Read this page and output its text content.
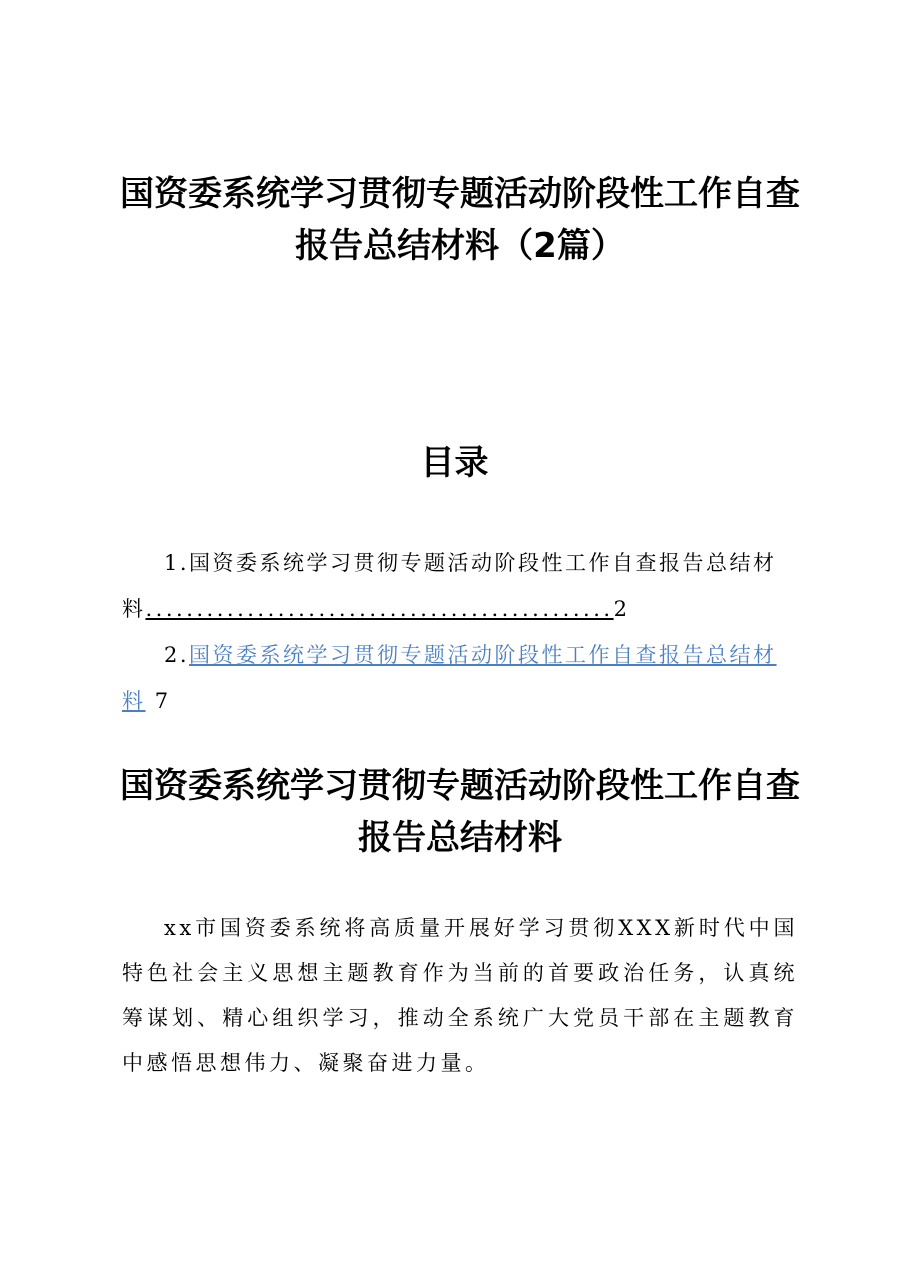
国资委系统学习贯彻专题活动阶段性工作自查报告总结材料（2篇）
目录
1.国资委系统学习贯彻专题活动阶段性工作自查报告总结材料..............................................2
2.国资委系统学习贯彻专题活动阶段性工作自查报告总结材料 7
国资委系统学习贯彻专题活动阶段性工作自查报告总结材料

xx市国资委系统将高质量开展好学习贯彻XXX新时代中国特色社会主义思想主题教育作为当前的首要政治任务，认真统筹谋划、精心组织学习，推动全系统广大党员干部在主题教育中感悟思想伟力、凝聚奋进力量。
